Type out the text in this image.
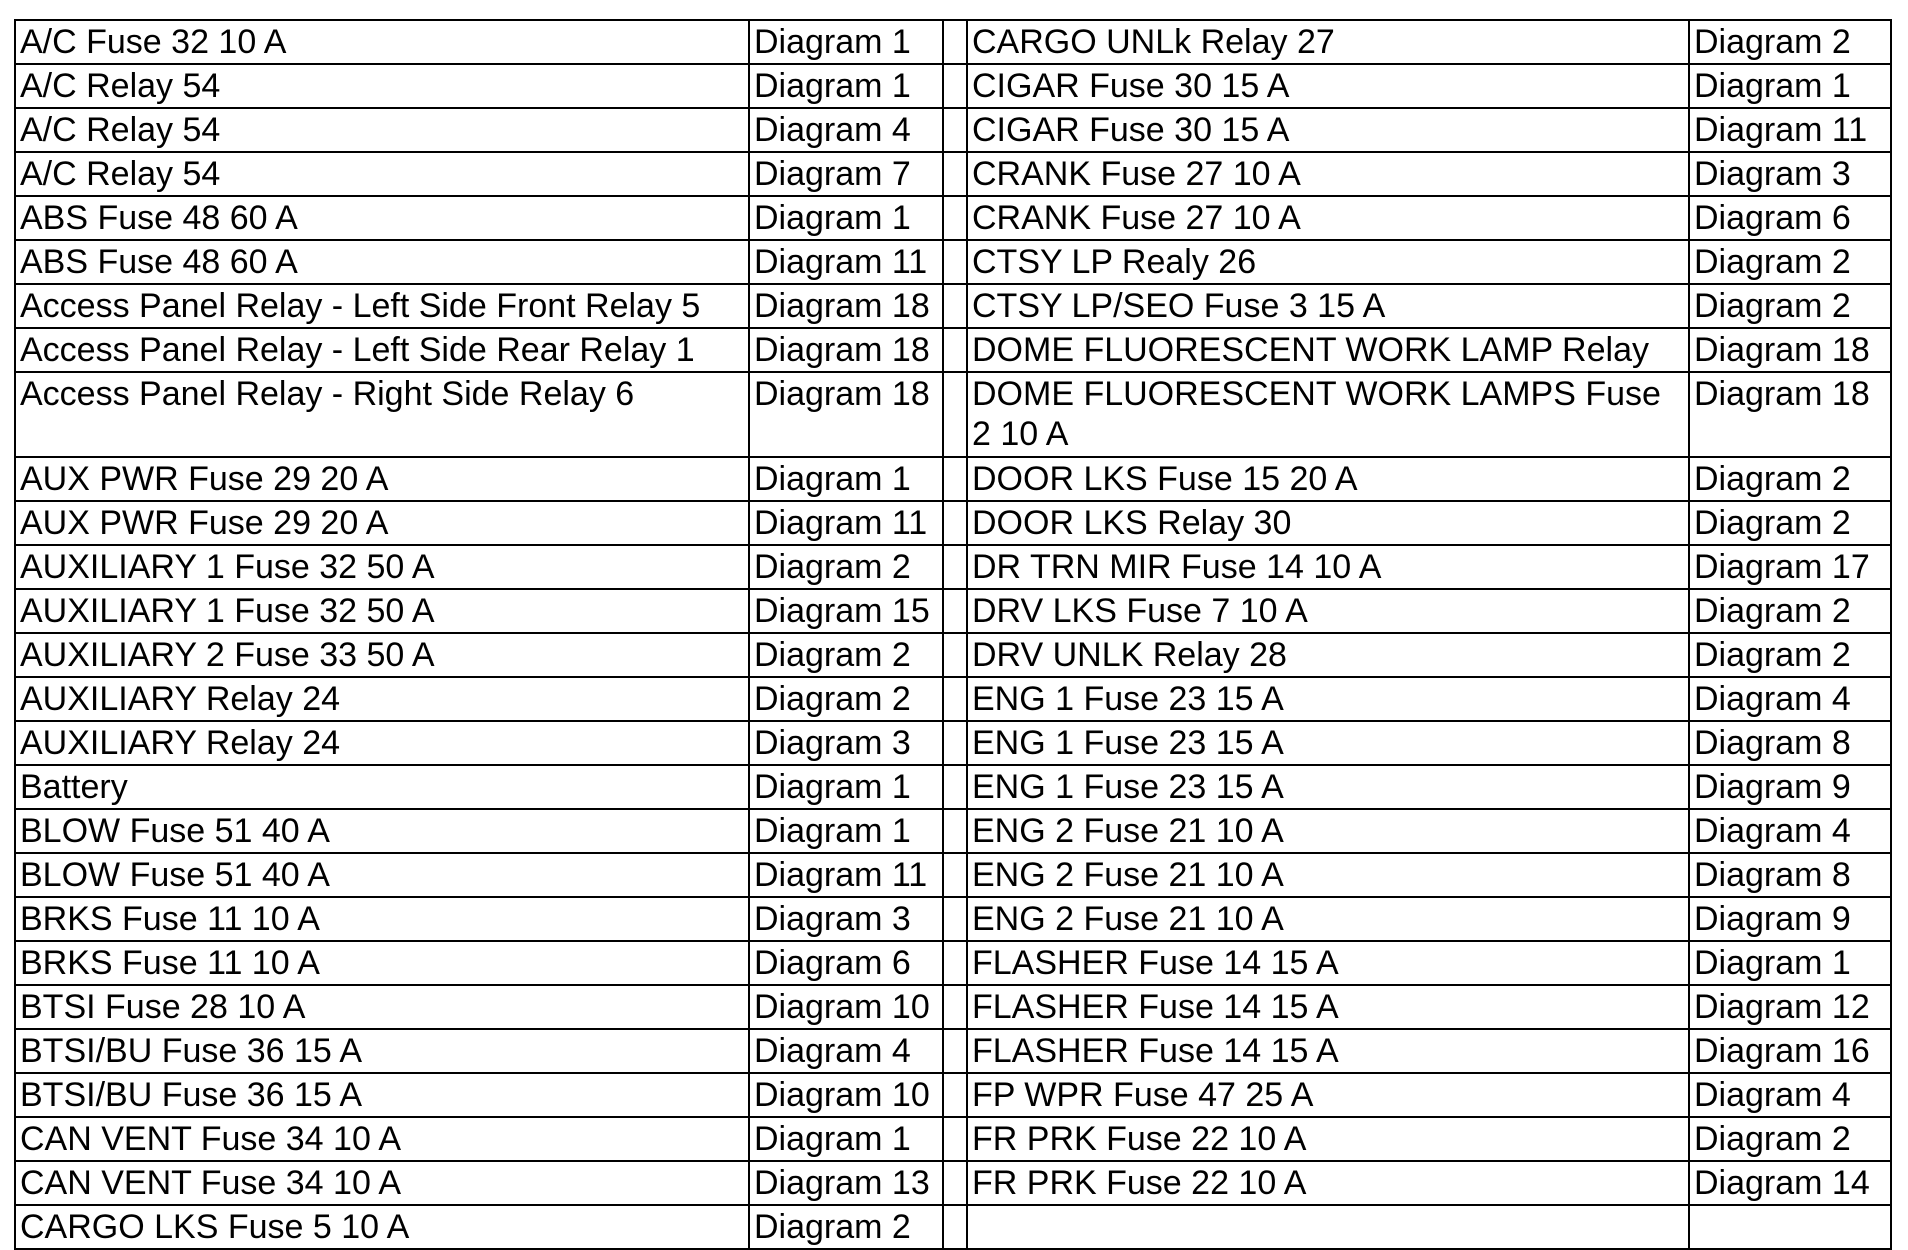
A/C Fuse 32 10 A	Diagram 1		CARGO UNLk Relay 27	Diagram 2
A/C Relay 54	Diagram 1		CIGAR Fuse 30 15 A	Diagram 1
A/C Relay 54	Diagram 4		CIGAR Fuse 30 15 A	Diagram 11
A/C Relay 54	Diagram 7		CRANK Fuse 27 10 A	Diagram 3
ABS Fuse 48 60 A	Diagram 1		CRANK Fuse 27 10 A	Diagram 6
ABS Fuse 48 60 A	Diagram 11		CTSY LP Realy 26	Diagram 2
Access Panel Relay - Left Side Front Relay 5	Diagram 18		CTSY LP/SEO Fuse 3 15 A	Diagram 2
Access Panel Relay - Left Side Rear Relay 1	Diagram 18		DOME FLUORESCENT WORK LAMP Relay	Diagram 18
Access Panel Relay - Right Side Relay 6	Diagram 18		DOME FLUORESCENT WORK LAMPS Fuse 2 10 A	Diagram 18
AUX PWR Fuse 29 20 A	Diagram 1		DOOR LKS Fuse 15 20 A	Diagram 2
AUX PWR Fuse 29 20 A	Diagram 11		DOOR LKS Relay 30	Diagram 2
AUXILIARY 1 Fuse 32 50 A	Diagram 2		DR TRN MIR Fuse 14 10 A	Diagram 17
AUXILIARY 1 Fuse 32 50 A	Diagram 15		DRV LKS Fuse 7 10 A	Diagram 2
AUXILIARY 2 Fuse 33 50 A	Diagram 2		DRV UNLK Relay 28	Diagram 2
AUXILIARY Relay 24	Diagram 2		ENG 1 Fuse 23 15 A	Diagram 4
AUXILIARY Relay 24	Diagram 3		ENG 1 Fuse 23 15 A	Diagram 8
Battery	Diagram 1		ENG 1 Fuse 23 15 A	Diagram 9
BLOW Fuse 51 40 A	Diagram 1		ENG 2 Fuse 21 10 A	Diagram 4
BLOW Fuse 51 40 A	Diagram 11		ENG 2 Fuse 21 10 A	Diagram 8
BRKS Fuse 11 10 A	Diagram 3		ENG 2 Fuse 21 10 A	Diagram 9
BRKS Fuse 11 10 A	Diagram 6		FLASHER Fuse 14 15 A	Diagram 1
BTSI Fuse 28 10 A	Diagram 10		FLASHER Fuse 14 15 A	Diagram 12
BTSI/BU Fuse 36 15 A	Diagram 4		FLASHER Fuse 14 15 A	Diagram 16
BTSI/BU Fuse 36 15 A	Diagram 10		FP WPR Fuse 47 25 A	Diagram 4
CAN VENT Fuse 34 10 A	Diagram 1		FR PRK Fuse 22 10 A	Diagram 2
CAN VENT Fuse 34 10 A	Diagram 13		FR PRK Fuse 22 10 A	Diagram 14
CARGO LKS Fuse 5 10 A	Diagram 2			
